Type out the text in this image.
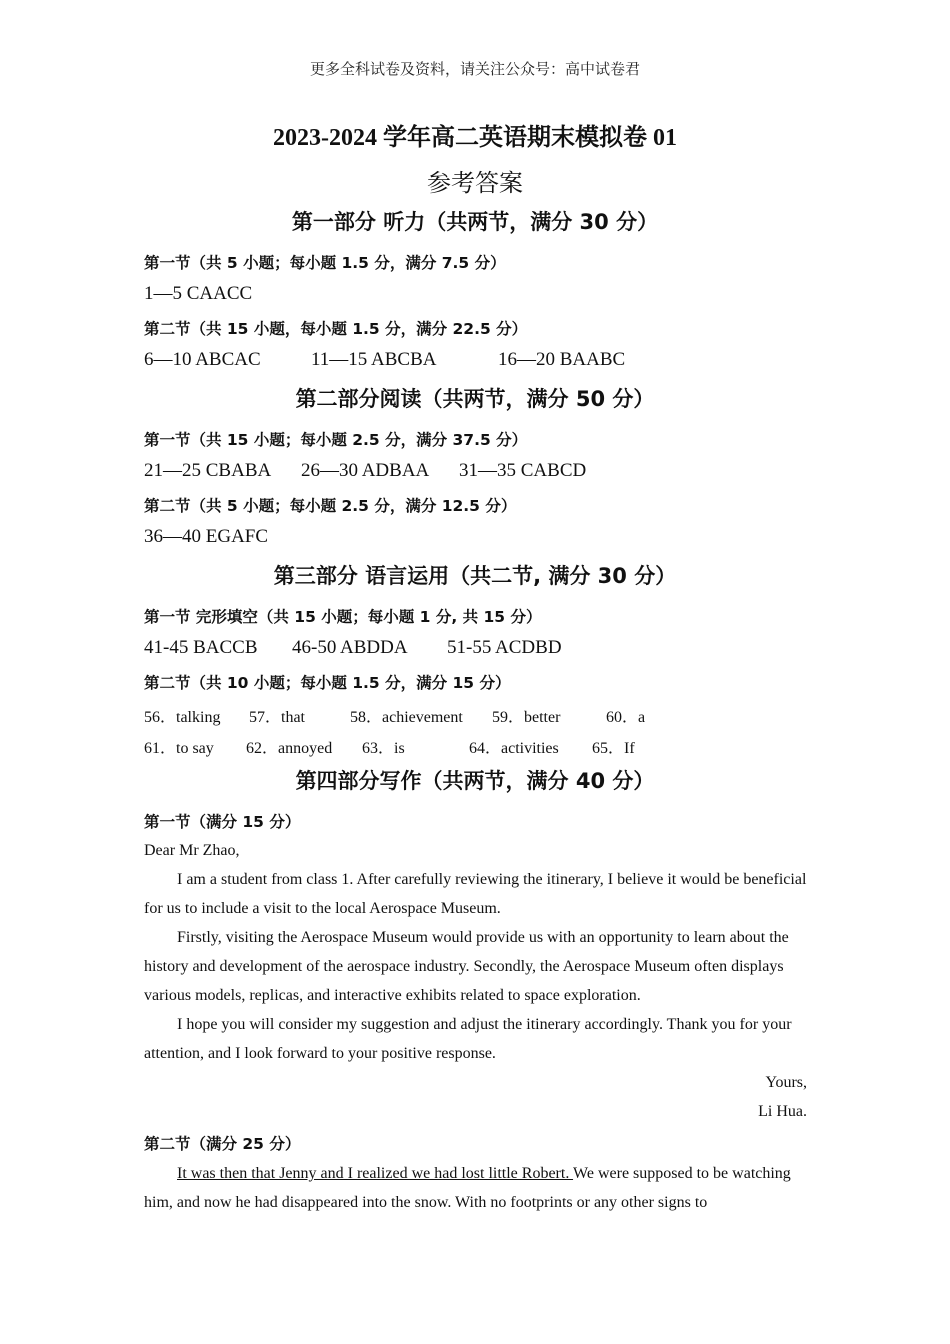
更多全科试卷及资料，请关注公众号：高中试卷君
2023-2024 学年高二英语期末模拟卷 01
参考答案
第一部分 听力（共两节，满分 30 分）
第一节（共 5 小题；每小题 1.5 分，满分 7.5 分）
1—5 CAACC
第二节（共 15 小题，每小题 1.5 分，满分 22.5 分）
6—10 ABCAC	11—15 ABCBA	16—20 BAABC
第二部分阅读（共两节，满分 50 分）
第一节（共 15 小题；每小题 2.5 分，满分 37.5 分）
21—25 CBABA 26—30 ADBAA 31—35 CABCD
第二节（共 5 小题；每小题 2.5 分，满分 12.5 分）
36—40 EGAFC
第三部分 语言运用（共二节, 满分 30 分）
第一节 完形填空（共 15 小题；每小题 1 分, 共 15 分）
41-45 BACCB 46-50 ABDDA 51-55 ACDBD
第二节（共 10 小题；每小题 1.5 分，满分 15 分）
56．talking 57．that	58．achievement 59．better	60．a
61．to say 62．annoyed 63．is	64．activities 65．If
第四部分写作（共两节，满分 40 分）
第一节（满分 15 分）
Dear Mr Zhao,
I am a student from class 1. After carefully reviewing the itinerary, I believe it would be beneficial for us to include a visit to the local Aerospace Museum.
Firstly, visiting the Aerospace Museum would provide us with an opportunity to learn about the history and development of the aerospace industry. Secondly, the Aerospace Museum often displays various models, replicas, and interactive exhibits related to space exploration.
I hope you will consider my suggestion and adjust the itinerary accordingly. Thank you for your attention, and I look forward to your positive response.
Yours,
Li Hua.
第二节（满分 25 分）
It was then that Jenny and I realized we had lost little Robert. We were supposed to be watching him, and now he had disappeared into the snow. With no footprints or any other signs to
